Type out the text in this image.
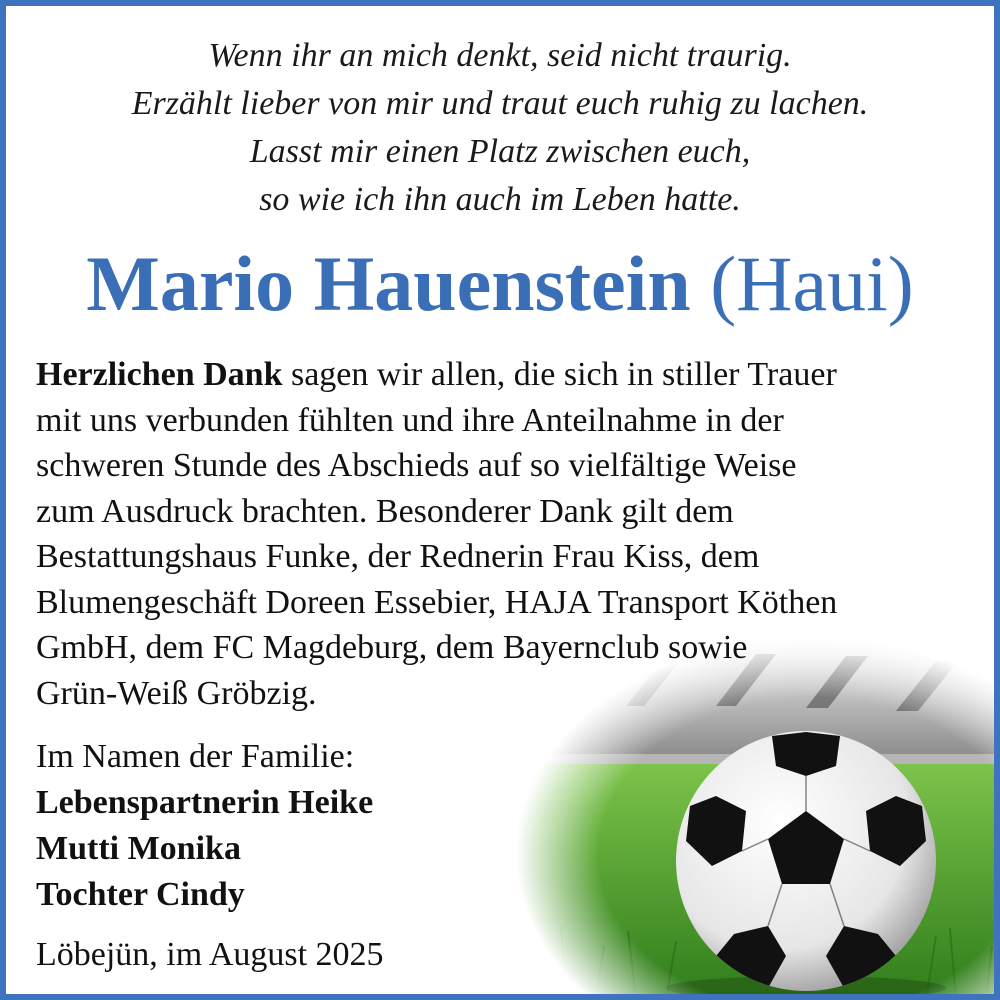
Wenn ihr an mich denkt, seid nicht traurig.
Erzählt lieber von mir und traut euch ruhig zu lachen.
Lasst mir einen Platz zwischen euch,
so wie ich ihn auch im Leben hatte.
Mario Hauenstein (Haui)
Herzlichen Dank sagen wir allen, die sich in stiller Trauer
mit uns verbunden fühlten und ihre Anteilnahme in der
schweren Stunde des Abschieds auf so vielfältige Weise
zum Ausdruck brachten. Besonderer Dank gilt dem
Bestattungshaus Funke, der Rednerin Frau Kiss, dem
Blumengeschäft Doreen Essebier, HAJA Transport Köthen
GmbH, dem FC Magdeburg, dem Bayernclub sowie
Grün-Weiß Gröbzig.
Im Namen der Familie:
Lebenspartnerin Heike
Mutti Monika
Tochter Cindy
Löbejün, im August 2025
